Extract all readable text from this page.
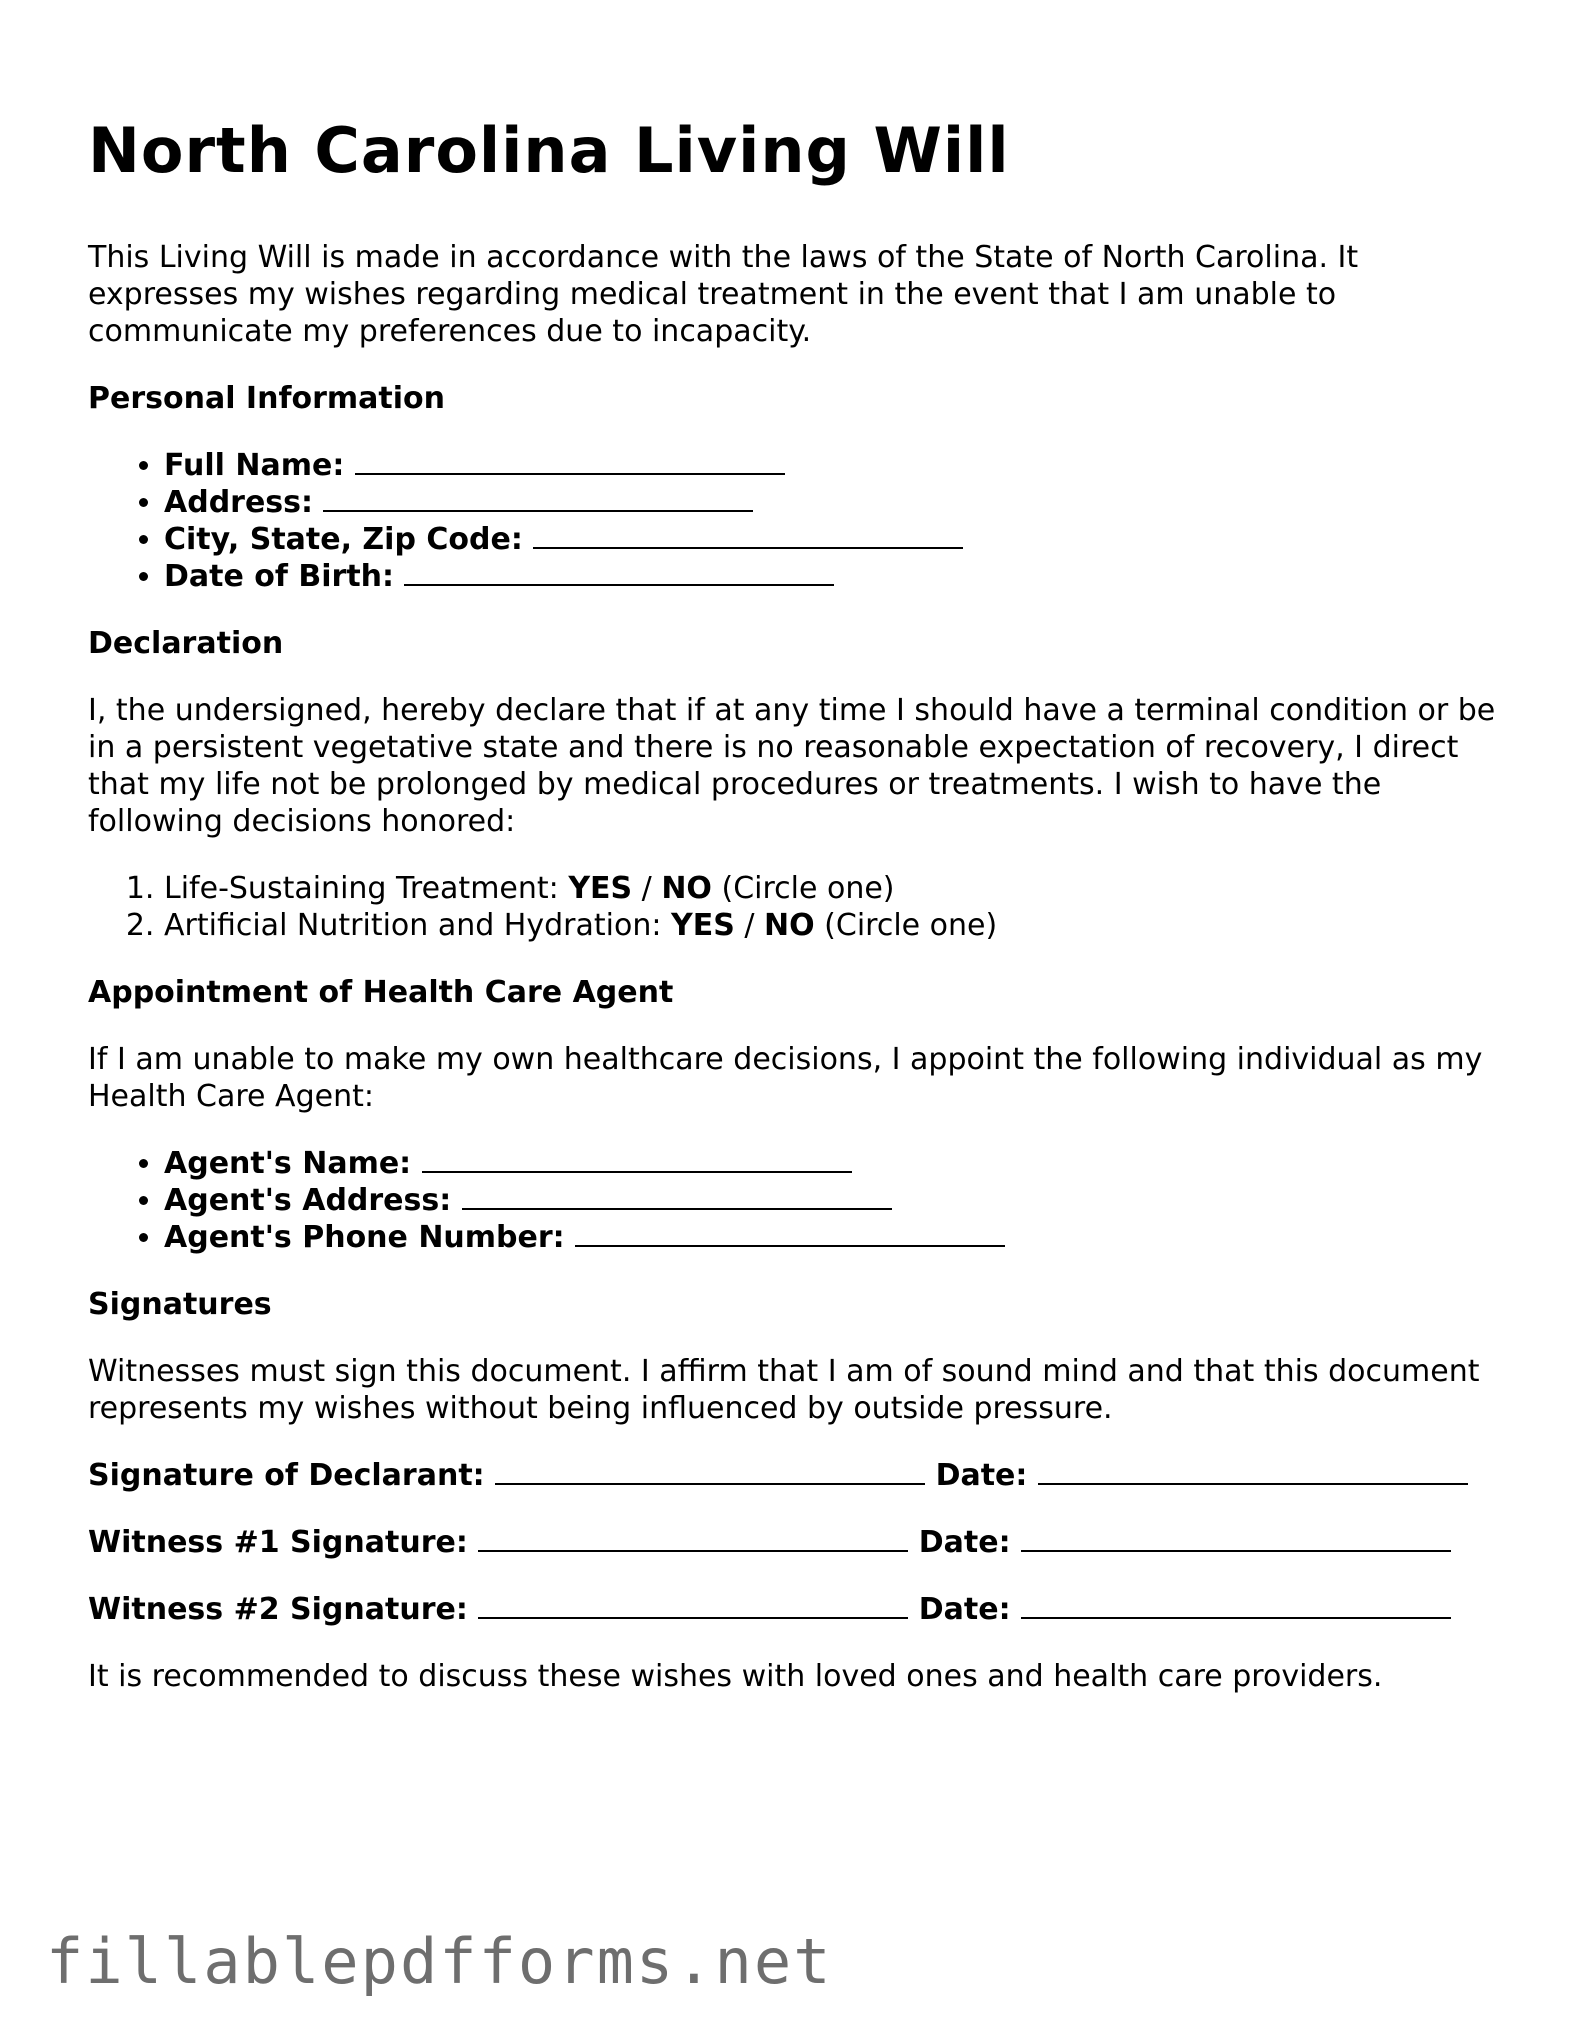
North Carolina Living Will

This Living Will is made in accordance with the laws of the State of North Carolina. It expresses my wishes regarding medical treatment in the event that I am unable to communicate my preferences due to incapacity.

Personal Information
• Full Name:
• Address:
• City, State, Zip Code:
• Date of Birth:
Declaration

I, the undersigned, hereby declare that if at any time I should have a terminal condition or be in a persistent vegetative state and there is no reasonable expectation of recovery, I direct that my life not be prolonged by medical procedures or treatments. I wish to have the following decisions honored:

1. Life-Sustaining Treatment: YES / NO (Circle one)
2. Artificial Nutrition and Hydration: YES / NO (Circle one)
Appointment of Health Care Agent

If I am unable to make my own healthcare decisions, I appoint the following individual as my Health Care Agent:

• Agent's Name:
• Agent's Address:
• Agent's Phone Number:
Signatures

Witnesses must sign this document. I affirm that I am of sound mind and that this document represents my wishes without being influenced by outside pressure.

Signature of Declarant:	Date:
Witness #1 Signature:	Date:
Witness #2 Signature:	Date:

It is recommended to discuss these wishes with loved ones and health care providers.

fillablepdfforms.net
